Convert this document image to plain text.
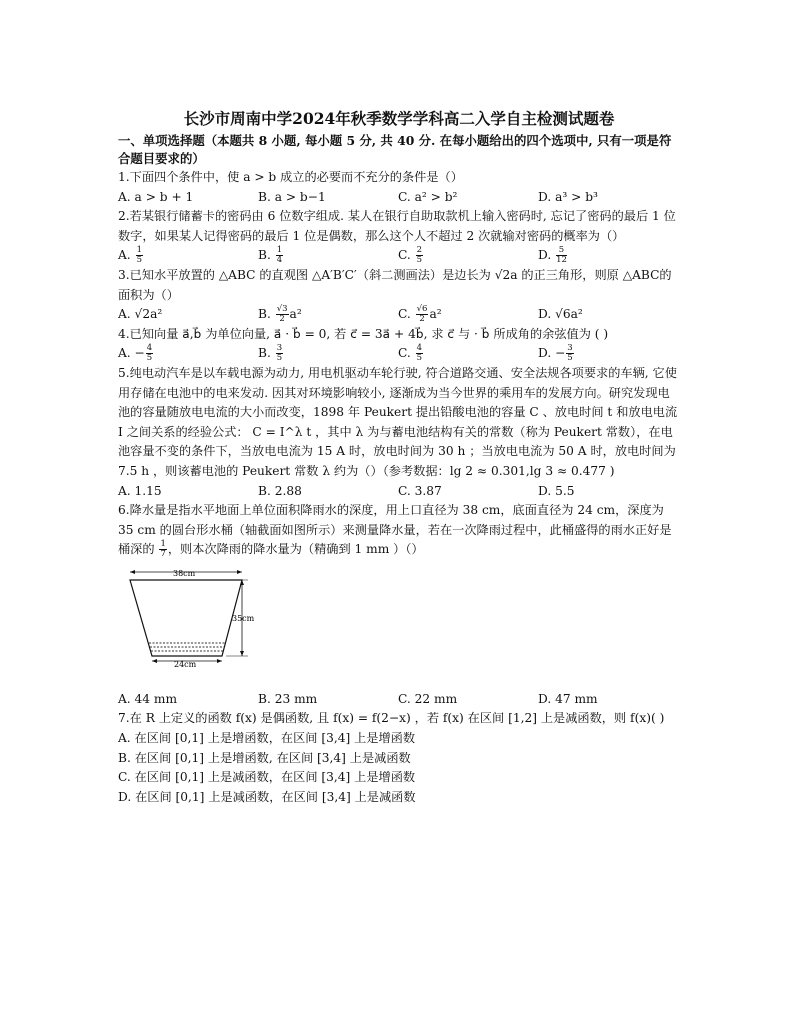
长沙市周南中学2024年秋季数学学科高二入学自主检测试题卷
一、单项选择题（本题共 8 小题, 每小题 5 分, 共 40 分. 在每小题给出的四个选项中, 只有一项是符合题目要求的）

1.下面四个条件中，使 a > b 成立的必要而不充分的条件是（）

A. a > b + 1	B. a > b−1	C. a² > b²	D. a³ > b³

2.若某银行储蓄卡的密码由 6 位数字组成. 某人在银行自助取款机上输入密码时, 忘记了密码的最后 1 位数字，如果某人记得密码的最后 1 位是偶数，那么这个人不超过 2 次就输对密码的概率为（）

A. $\frac{1}{5}$	B. $\frac{1}{4}$	C. $\frac{2}{5}$	D. $\frac{5}{12}$

3.已知水平放置的 △ABC 的直观图 △A′B′C′（斜二测画法）是边长为 √2a 的正三角形，则原 △ABC的面积为（）

A. √2a²	B. $\frac{√3}{2} a^2$	C. $\frac{√6}{2} a^2$	D. √6a²

4.已知向量 a⃗,b⃗ 为单位向量, a⃗ · b⃗ = 0, 若 c⃗ = 3a⃗ + 4b⃗, 求 c⃗ 与 · b⃗ 所成角的余弦值为 ( )

A. − $\frac{4}{5}$	B. $\frac{3}{5}$	C. $\frac{4}{5}$	D. − $\frac{3}{5}$

5.纯电动汽车是以车载电源为动力, 用电机驱动车轮行驶, 符合道路交通、安全法规各项要求的车辆, 它使用存储在电池中的电来发动. 因其对环境影响较小, 逐渐成为当今世界的乘用车的发展方向。研究发现电池的容量随放电电流的大小而改变，1898 年 Peukert 提出铅酸电池的容量 C 、放电时间 t 和放电电流 I 之间关系的经验公式： C = I^λ t ，其中 λ 为与蓄电池结构有关的常数（称为 Peukert 常数），在电池容量不变的条件下，当放电电流为 15 A 时，放电时间为 30 h ；当放电电流为 50 A 时，放电时间为 7.5 h ，则该蓄电池的 Peukert 常数 λ 约为（）（参考数据：lg 2 ≈ 0.301,lg 3 ≈ 0.477 )

A. 1.15	B. 2.88	C. 3.87	D. 5.5

6.降水量是指水平地面上单位面积降雨水的深度，用上口直径为 38 cm，底面直径为 24 cm，深度为 35 cm 的圆台形水桶（轴截面如图所示）来测量降水量，若在一次降雨过程中，此桶盛得的雨水正好是桶深的 $\frac{1}{7}$ ，则本次降雨的降水量为（精确到 1 mm ）（）

38cm
35cm
24cm
A. 44 mm	B. 23 mm	C. 22 mm	D. 47 mm

7.在 R 上定义的函数 f(x) 是偶函数, 且 f(x) = f(2−x) ，若 f(x) 在区间 [1,2] 上是减函数，则 f(x)( )

A. 在区间 [0,1] 上是增函数，在区间 [3,4] 上是增函数

B. 在区间 [0,1] 上是增函数, 在区间 [3,4] 上是减函数

C. 在区间 [0,1] 上是减函数，在区间 [3,4] 上是增函数

D. 在区间 [0,1] 上是减函数，在区间 [3,4] 上是减函数
